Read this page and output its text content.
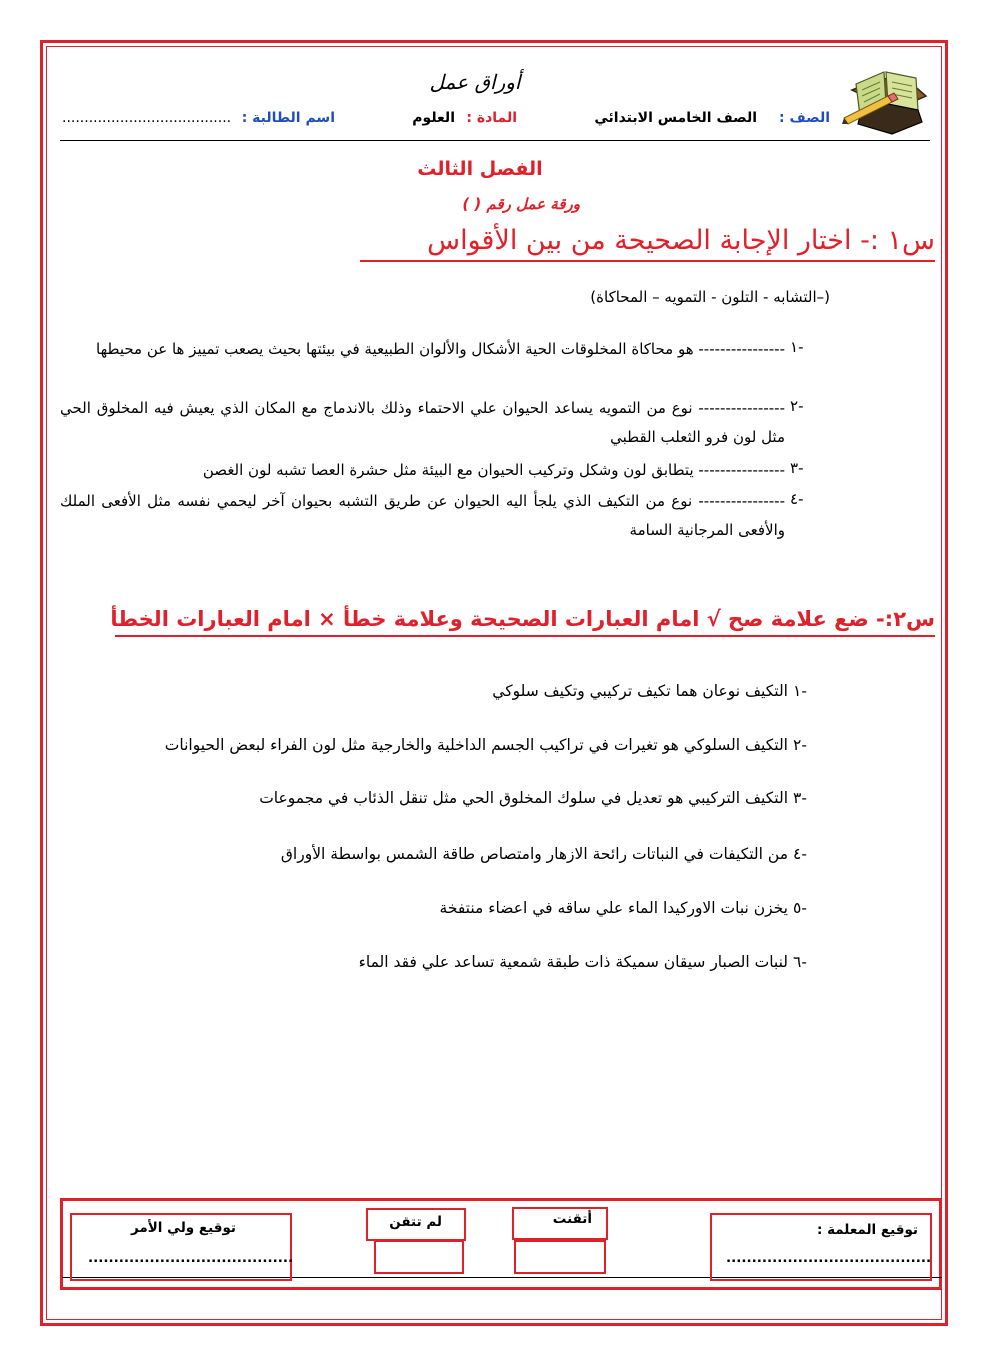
أوراق عمل
الصف :
الصف الخامس الابتدائي
المادة :
العلوم
اسم الطالبة :
......................................
الفصل الثالث
ورقة عمل رقم ( )
س١ :- اختار الإجابة الصحيحة من بين الأقواس
(–التشابه - التلون - التمويه – المحاكاة)
١-
---------------- هو محاكاة المخلوقات الحية الأشكال والألوان الطبيعية في بيئتها بحيث يصعب تمييز ها عن محيطها
٢-
---------------- نوع من التمويه يساعد الحيوان علي الاحتماء وذلك بالاندماج مع المكان الذي يعيش فيه المخلوق الحي مثل لون فرو الثعلب القطبي
٣-
---------------- يتطابق لون وشكل وتركيب الحيوان مع البيئة مثل حشرة العصا تشبه لون الغصن
٤-
---------------- نوع من التكيف الذي يلجأ اليه الحيوان عن طريق التشبه بحيوان آخر ليحمي نفسه مثل الأفعى الملك والأفعى المرجانية السامة
س٢:- ضع علامة صح √ امام العبارات الصحيحة وعلامة خطأ × امام العبارات الخطأ
١-
التكيف نوعان هما تكيف تركيبي وتكيف سلوكي
٢-
التكيف السلوكي هو تغيرات في تراكيب الجسم الداخلية والخارجية مثل لون الفراء لبعض الحيوانات
٣-
التكيف التركيبي هو تعديل في سلوك المخلوق الحي مثل تنقل الذئاب في مجموعات
٤-
من التكيفات في النباتات رائحة الازهار وامتصاص طاقة الشمس بواسطة الأوراق
٥-
يخزن نبات الاوركيدا الماء علي ساقه في اعضاء منتفخة
٦-
لنبات الصبار سيقان سميكة ذات طبقة شمعية تساعد علي فقد الماء
توقيع المعلمة :
........................................
أتقنت
لم تتقن
توقيع ولي الأمر
........................................
